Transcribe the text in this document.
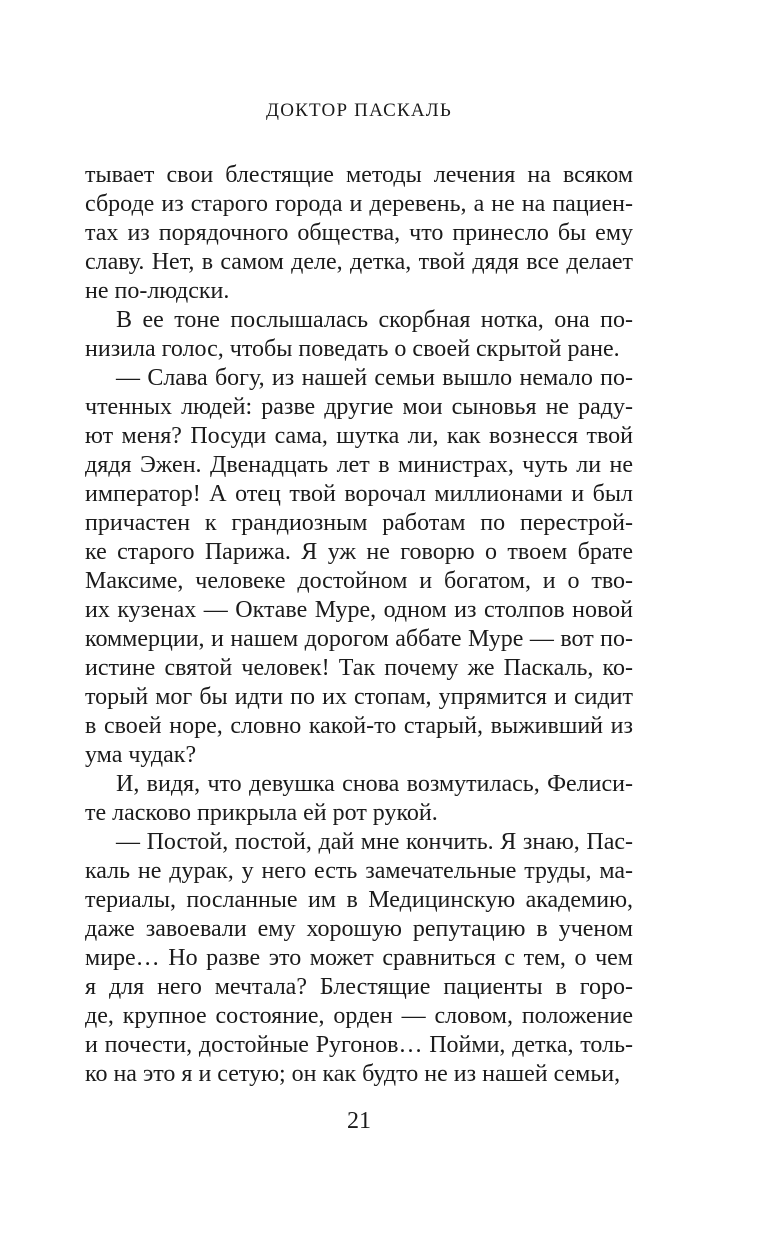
ДОКТОР ПАСКАЛЬ
тывает свои блестящие методы лечения на всяком
сброде из старого города и деревень, а не на пациен-
тах из порядочного общества, что принесло бы ему
славу. Нет, в самом деле, детка, твой дядя все делает
не по-людски.
В ее тоне послышалась скорбная нотка, она по-
низила голос, чтобы поведать о своей скрытой ране.
— Слава богу, из нашей семьи вышло немало по-
чтенных людей: разве другие мои сыновья не раду-
ют меня? Посуди сама, шутка ли, как вознесся твой
дядя Эжен. Двенадцать лет в министрах, чуть ли не
император! А отец твой ворочал миллионами и был
причастен к грандиозным работам по перестрой-
ке старого Парижа. Я уж не говорю о твоем брате
Максиме, человеке достойном и богатом, и о тво-
их кузенах — Октаве Муре, одном из столпов новой
коммерции, и нашем дорогом аббате Муре — вот по-
истине святой человек! Так почему же Паскаль, ко-
торый мог бы идти по их стопам, упрямится и сидит
в своей норе, словно какой-то старый, выживший из
ума чудак?
И, видя, что девушка снова возмутилась, Фелиси-
те ласково прикрыла ей рот рукой.
— Постой, постой, дай мне кончить. Я знаю, Пас-
каль не дурак, у него есть замечательные труды, ма-
териалы, посланные им в Медицинскую академию,
даже завоевали ему хорошую репутацию в ученом
мире… Но разве это может сравниться с тем, о чем
я для него мечтала? Блестящие пациенты в горо-
де, крупное состояние, орден — словом, положение
и почести, достойные Ругонов… Пойми, детка, толь-
ко на это я и сетую; он как будто не из нашей семьи,
21
